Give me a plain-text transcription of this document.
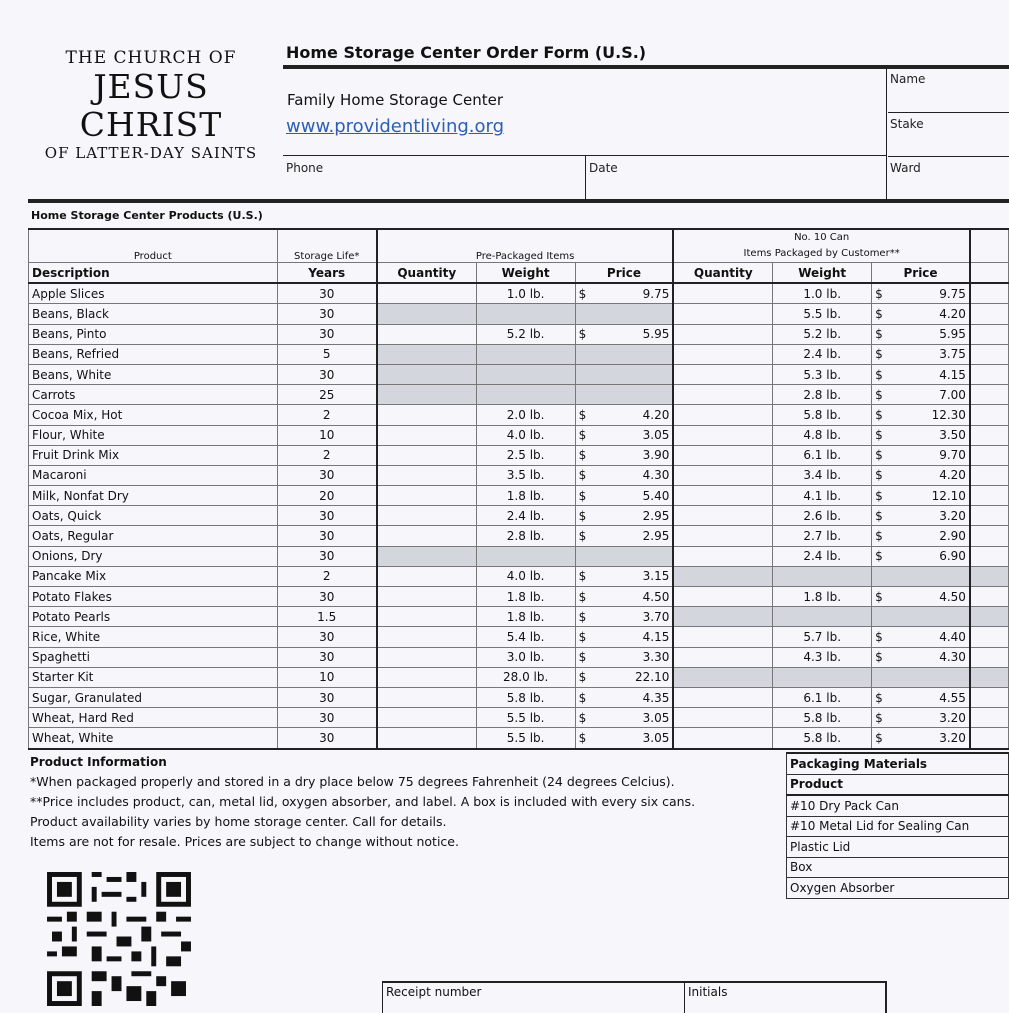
THE CHURCH OF
JESUS CHRIST
OF LATTER-DAY SAINTS
Home Storage Center Order Form (U.S.)
Family Home Storage Center
www.providentliving.org
Name
Stake
Phone	Date	Ward
Home Storage Center Products (U.S.)
Product	Storage Life*	Pre-Packaged Items			No. 10 Can
Items Packaged by Customer**			
Description	Years	Quantity	Weight	Price	Quantity	Weight	Price	
Apple Slices	30		1.0 lb.	$ 9.75		1.0 lb.	$ 9.75	

Beans, Black	30					5.5 lb.	$ 4.20	

Beans, Pinto	30		5.2 lb.	$ 5.95		5.2 lb.	$ 5.95	

Beans, Refried	5					2.4 lb.	$ 3.75	

Beans, White	30					5.3 lb.	$ 4.15	

Carrots	25					2.8 lb.	$ 7.00	

Cocoa Mix, Hot	2		2.0 lb.	$ 4.20		5.8 lb.	$ 12.30	

Flour, White	10		4.0 lb.	$ 3.05		4.8 lb.	$ 3.50	

Fruit Drink Mix	2		2.5 lb.	$ 3.90		6.1 lb.	$ 9.70	

Macaroni	30		3.5 lb.	$ 4.30		3.4 lb.	$ 4.20	

Milk, Nonfat Dry	20		1.8 lb.	$ 5.40		4.1 lb.	$ 12.10	

Oats, Quick	30		2.4 lb.	$ 2.95		2.6 lb.	$ 3.20	

Oats, Regular	30		2.8 lb.	$ 2.95		2.7 lb.	$ 2.90	

Onions, Dry	30					2.4 lb.	$ 6.90	

Pancake Mix	2		4.0 lb.	$ 3.15				

Potato Flakes	30		1.8 lb.	$ 4.50		1.8 lb.	$ 4.50	

Potato Pearls	1.5		1.8 lb.	$ 3.70				

Rice, White	30		5.4 lb.	$ 4.15		5.7 lb.	$ 4.40	

Spaghetti	30		3.0 lb.	$ 3.30		4.3 lb.	$ 4.30	

Starter Kit	10		28.0 lb.	$ 22.10				

Sugar, Granulated	30		5.8 lb.	$ 4.35		6.1 lb.	$ 4.55	

Wheat, Hard Red	30		5.5 lb.	$ 3.05		5.8 lb.	$ 3.20	

Wheat, White	30		5.5 lb.	$ 3.05		5.8 lb.	$ 3.20	

Product Information
*When packaged properly and stored in a dry place below 75 degrees Fahrenheit (24 degrees Celcius).
**Price includes product, can, metal lid, oxygen absorber, and label. A box is included with every six cans.
Product availability varies by home storage center. Call for details.
Items are not for resale. Prices are subject to change without notice.
Packaging Materials
Product
#10 Dry Pack Can
#10 Metal Lid for Sealing Can
Plastic Lid
Box
Oxygen Absorber
Receipt number	Initials
